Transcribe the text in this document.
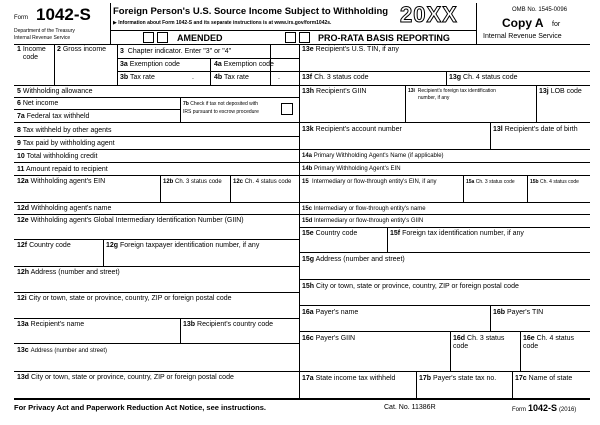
Form 1042-S
Department of the Treasury
Internal Revenue Service
Foreign Person's U.S. Source Income Subject to Withholding
▶ Information about Form 1042-S and its separate instructions is at www.irs.gov/form1042s.	20XX	OMB No. 1545-0096
Copy A for
Internal Revenue Service
AMENDED	PRO-RATA BASIS REPORTING
1 Income code
2 Gross income 3 Chapter indicator. Enter "3" or "4"
3a Exemption code	4a Exemption code
3b Tax rate	.	4b Tax rate	.
5 Withholding allowance
6 Net income
7a Federal tax withheld
7b Check if tax not deposited with
IRS pursuant to escrow procedure
8 Tax withheld by other agents
9 Tax paid by withholding agent
10 Total withholding credit
11 Amount repaid to recipient
12a Withholding agent's EIN	12b Ch. 3 status code 12c Ch. 4 status code
12d Withholding agent's name
12e Withholding agent's Global Intermediary Identification Number (GIIN)
12f Country code	12g Foreign taxpayer identification number, if any
12h Address (number and street)
12i City or town, state or province, country, ZIP or foreign postal code
13a Recipient's name	13b Recipient's country code
13c Address (number and street)
13d City or town, state or province, country, ZIP or foreign postal code
13e Recipient's U.S. TIN, if any
13f Ch. 3 status code	13g Ch. 4 status code
13h Recipient's GIIN	13i Recipient's foreign tax identification
number, if any
13j LOB code
13k Recipient's account number	13l Recipient's date of birth
14a Primary Withholding Agent's Name (if applicable)
14b Primary Withholding Agent's EIN
15 Intermediary or flow-through entity's EIN, if any	15a Ch. 3 status code	15b Ch. 4 status code
15c Intermediary or flow-through entity's name
15d Intermediary or flow-through entity's GIIN
15e Country code	15f Foreign tax identification number, if any
15g Address (number and street)
15h City or town, state or province, country, ZIP or foreign postal code
16a Payer's name	16b Payer's TIN
16c Payer's GIIN	16d Ch. 3 status code
16e Ch. 4 status code
17a State income tax withheld	17b Payer's state tax no.	17c Name of state
For Privacy Act and Paperwork Reduction Act Notice, see instructions.	Cat. No. 11386R	Form 1042-S (2016)
